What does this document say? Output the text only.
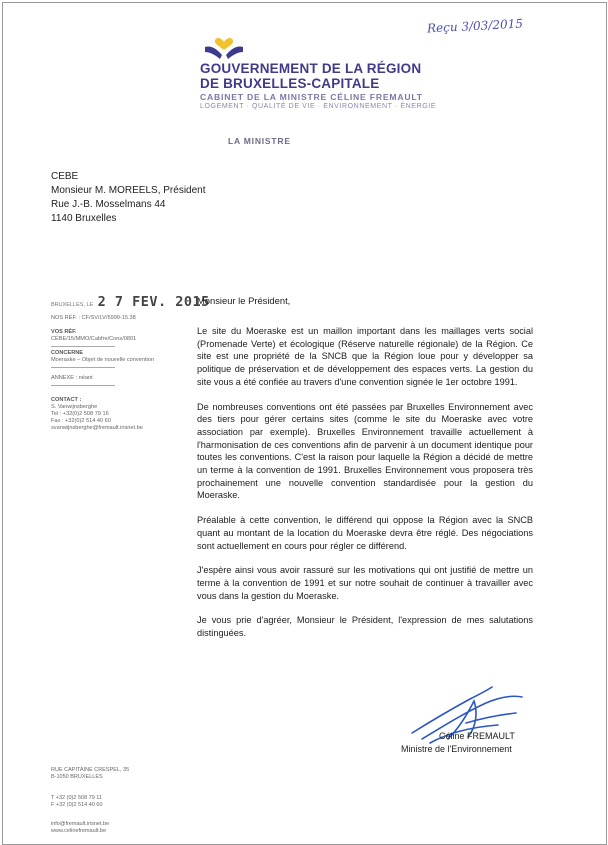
Reçu 3/03/2015
GOUVERNEMENT DE LA RÉGION
DE BRUXELLES-CAPITALE
CABINET DE LA MINISTRE CÉLINE FREMAULT
LOGEMENT · QUALITÉ DE VIE · ENVIRONNEMENT · ÉNERGIE
LA MINISTRE
CEBE
Monsieur M. MOREELS, Président
Rue J.-B. Mosselmans 44
1140 Bruxelles
BRUXELLES, LE 2 7 FEV. 2015
NOS RÉF. : CF/SV/LV/5999-15.38
VOS RÉF.
CEBE/15/MMO/Cabfre/Cons/0801
CONCERNE
Moeraske – Objet de nouvelle convention
ANNEXE : néant
CONTACT :
S. Vanwijnsberghe
Tel : +32(0)2 508 79 16
Fax : +32(0)2 514 40 60
svanwijnsberghe@fremault.irisnet.be
Monsieur le Président,

Le site du Moeraske est un maillon important dans les maillages verts social (Promenade Verte) et écologique (Réserve naturelle régionale) de la Région. Ce site est une propriété de la SNCB que la Région loue pour y développer sa politique de préservation et de développement des espaces verts. La gestion du site vous a été confiée au travers d'une convention signée le 1er octobre 1991.

De nombreuses conventions ont été passées par Bruxelles Environnement avec des tiers pour gérer certains sites (comme le site du Moeraske avec votre association par exemple). Bruxelles Environnement travaille actuellement à l'harmonisation de ces conventions afin de parvenir à un document identique pour toutes les conventions. C'est la raison pour laquelle la Région a décidé de mettre un terme à la convention de 1991. Bruxelles Environnement vous proposera très prochainement une nouvelle convention standardisée pour la gestion du Moeraske.

Préalable à cette convention, le différend qui oppose la Région avec la SNCB quant au montant de la location du Moeraske devra être réglé. Des négociations sont actuellement en cours pour régler ce différend.

J'espère ainsi vous avoir rassuré sur les motivations qui ont justifié de mettre un terme à la convention de 1991 et sur notre souhait de continuer à travailler avec vous dans la gestion du Moeraske.

Je vous prie d'agréer, Monsieur le Président, l'expression de mes salutations distinguées.

Céline FREMAULT
Ministre de l'Environnement
RUE CAPITAINE CRESPEL, 35
B-1050 BRUXELLES
T +32 (0)2 508 79 11
F +32 (0)2 514 40 60
info@fremault.irisnet.be
www.celinefremault.be
